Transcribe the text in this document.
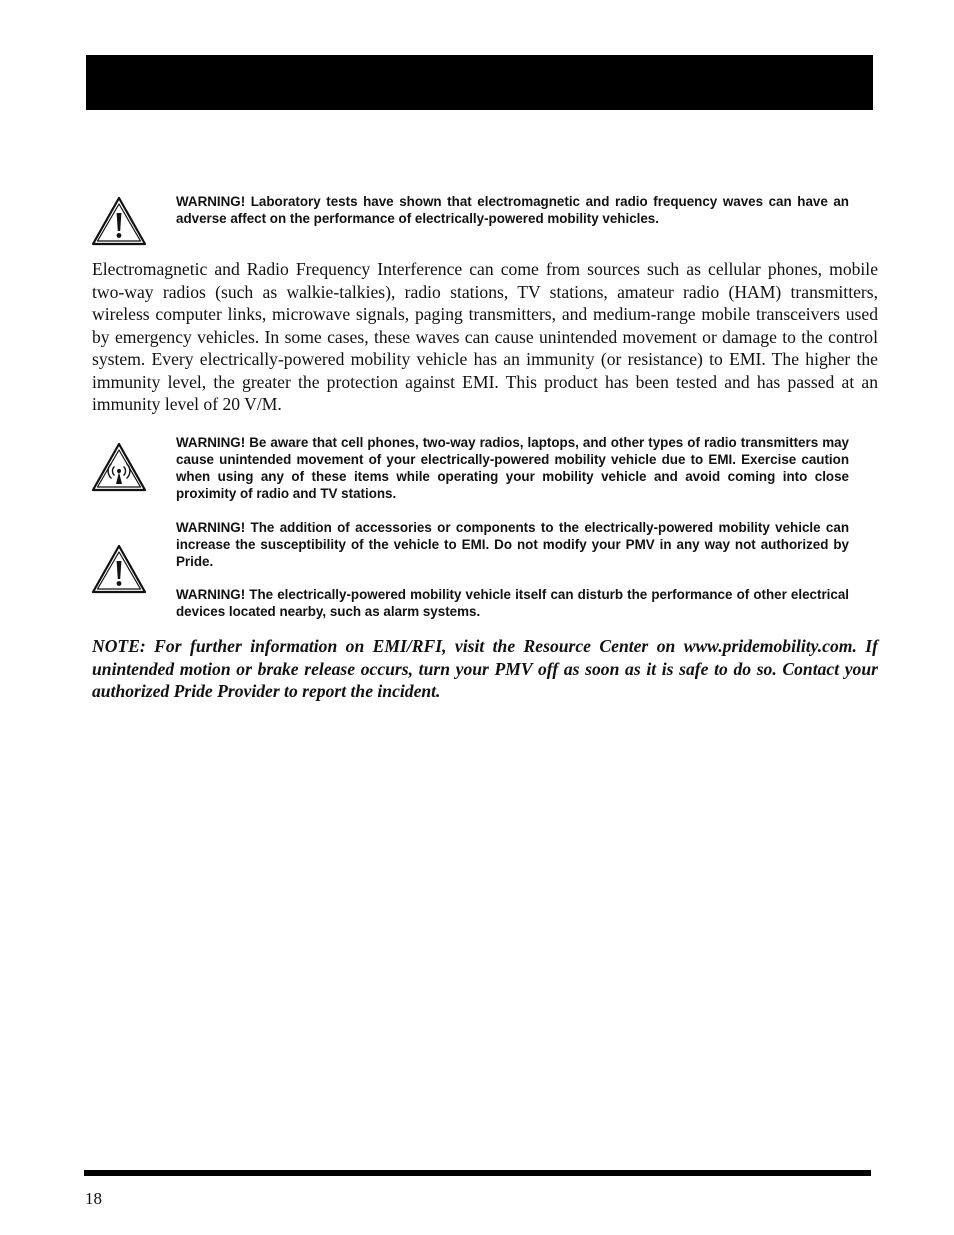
WARNING! Laboratory tests have shown that electromagnetic and radio frequency waves can have an adverse affect on the performance of electrically-powered mobility vehicles.

Electromagnetic and Radio Frequency Interference can come from sources such as cellular phones, mobile two-way radios (such as walkie-talkies), radio stations, TV stations, amateur radio (HAM) transmitters, wireless computer links, microwave signals, paging transmitters, and medium-range mobile transceivers used by emergency vehicles. In some cases, these waves can cause unintended movement or damage to the control system. Every electrically-powered mobility vehicle has an immunity (or resistance) to EMI. The higher the immunity level, the greater the protection against EMI. This product has been tested and has passed at an immunity level of 20 V/M.

WARNING! Be aware that cell phones, two-way radios, laptops, and other types of radio transmitters may cause unintended movement of your electrically-powered mobility vehicle due to EMI. Exercise caution when using any of these items while operating your mobility vehicle and avoid coming into close proximity of radio and TV stations.

WARNING! The addition of accessories or components to the electrically-powered mobility vehicle can increase the susceptibility of the vehicle to EMI. Do not modify your PMV in any way not authorized by Pride.

WARNING! The electrically-powered mobility vehicle itself can disturb the performance of other electrical devices located nearby, such as alarm systems.

NOTE: For further information on EMI/RFI, visit the Resource Center on www.pridemobility.com. If unintended motion or brake release occurs, turn your PMV off as soon as it is safe to do so. Contact your authorized Pride Provider to report the incident.

18
